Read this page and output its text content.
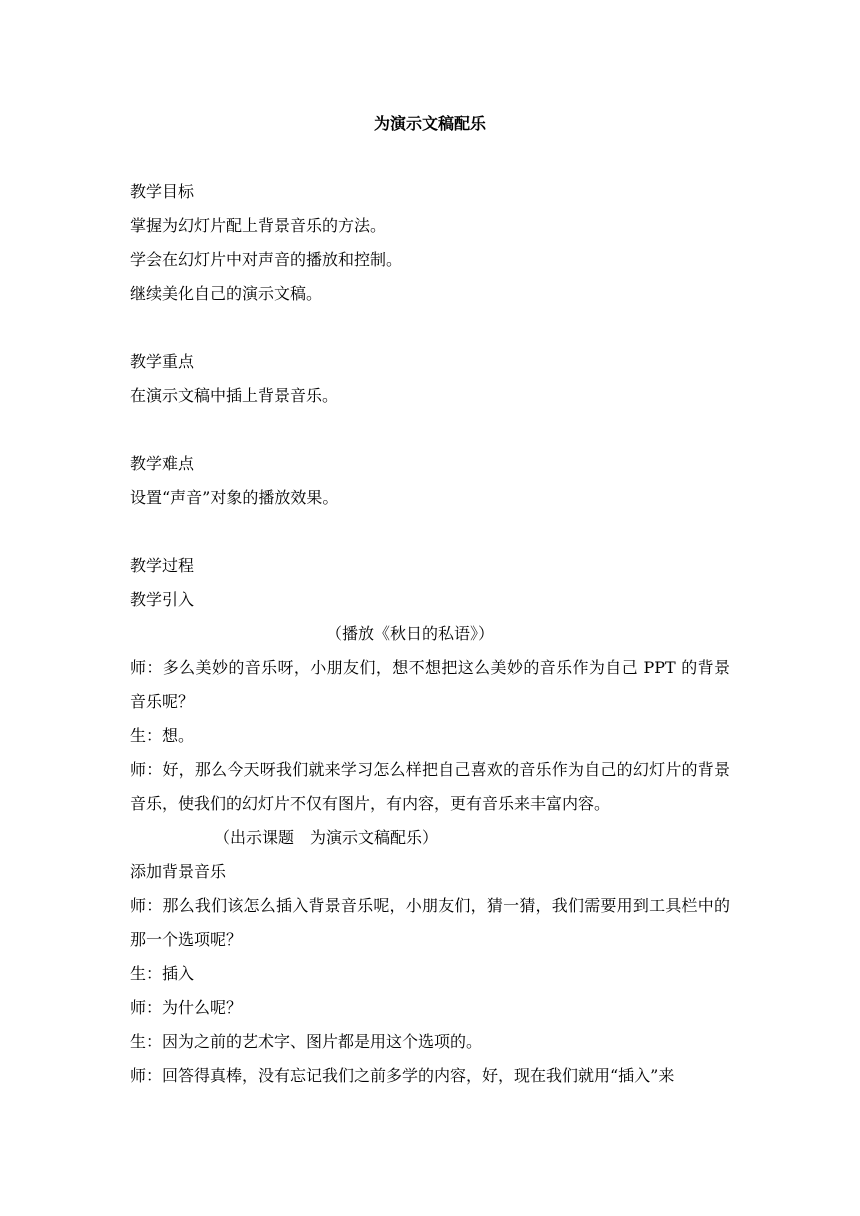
为演示文稿配乐
教学目标
掌握为幻灯片配上背景音乐的方法。
学会在幻灯片中对声音的播放和控制。
继续美化自己的演示文稿。
教学重点
在演示文稿中插上背景音乐。
教学难点
设置“声音”对象的播放效果。
教学过程
教学引入
（播放《秋日的私语》）
师：多么美妙的音乐呀，小朋友们，想不想把这么美妙的音乐作为自己 PPT 的背景音乐呢？
生：想。
师：好，那么今天呀我们就来学习怎么样把自己喜欢的音乐作为自己的幻灯片的背景音乐，使我们的幻灯片不仅有图片，有内容，更有音乐来丰富内容。
（出示课题　为演示文稿配乐）
添加背景音乐
师：那么我们该怎么插入背景音乐呢，小朋友们，猜一猜，我们需要用到工具栏中的那一个选项呢？
生：插入
师：为什么呢？
生：因为之前的艺术字、图片都是用这个选项的。
师：回答得真棒，没有忘记我们之前多学的内容，好，现在我们就用“插入”来
